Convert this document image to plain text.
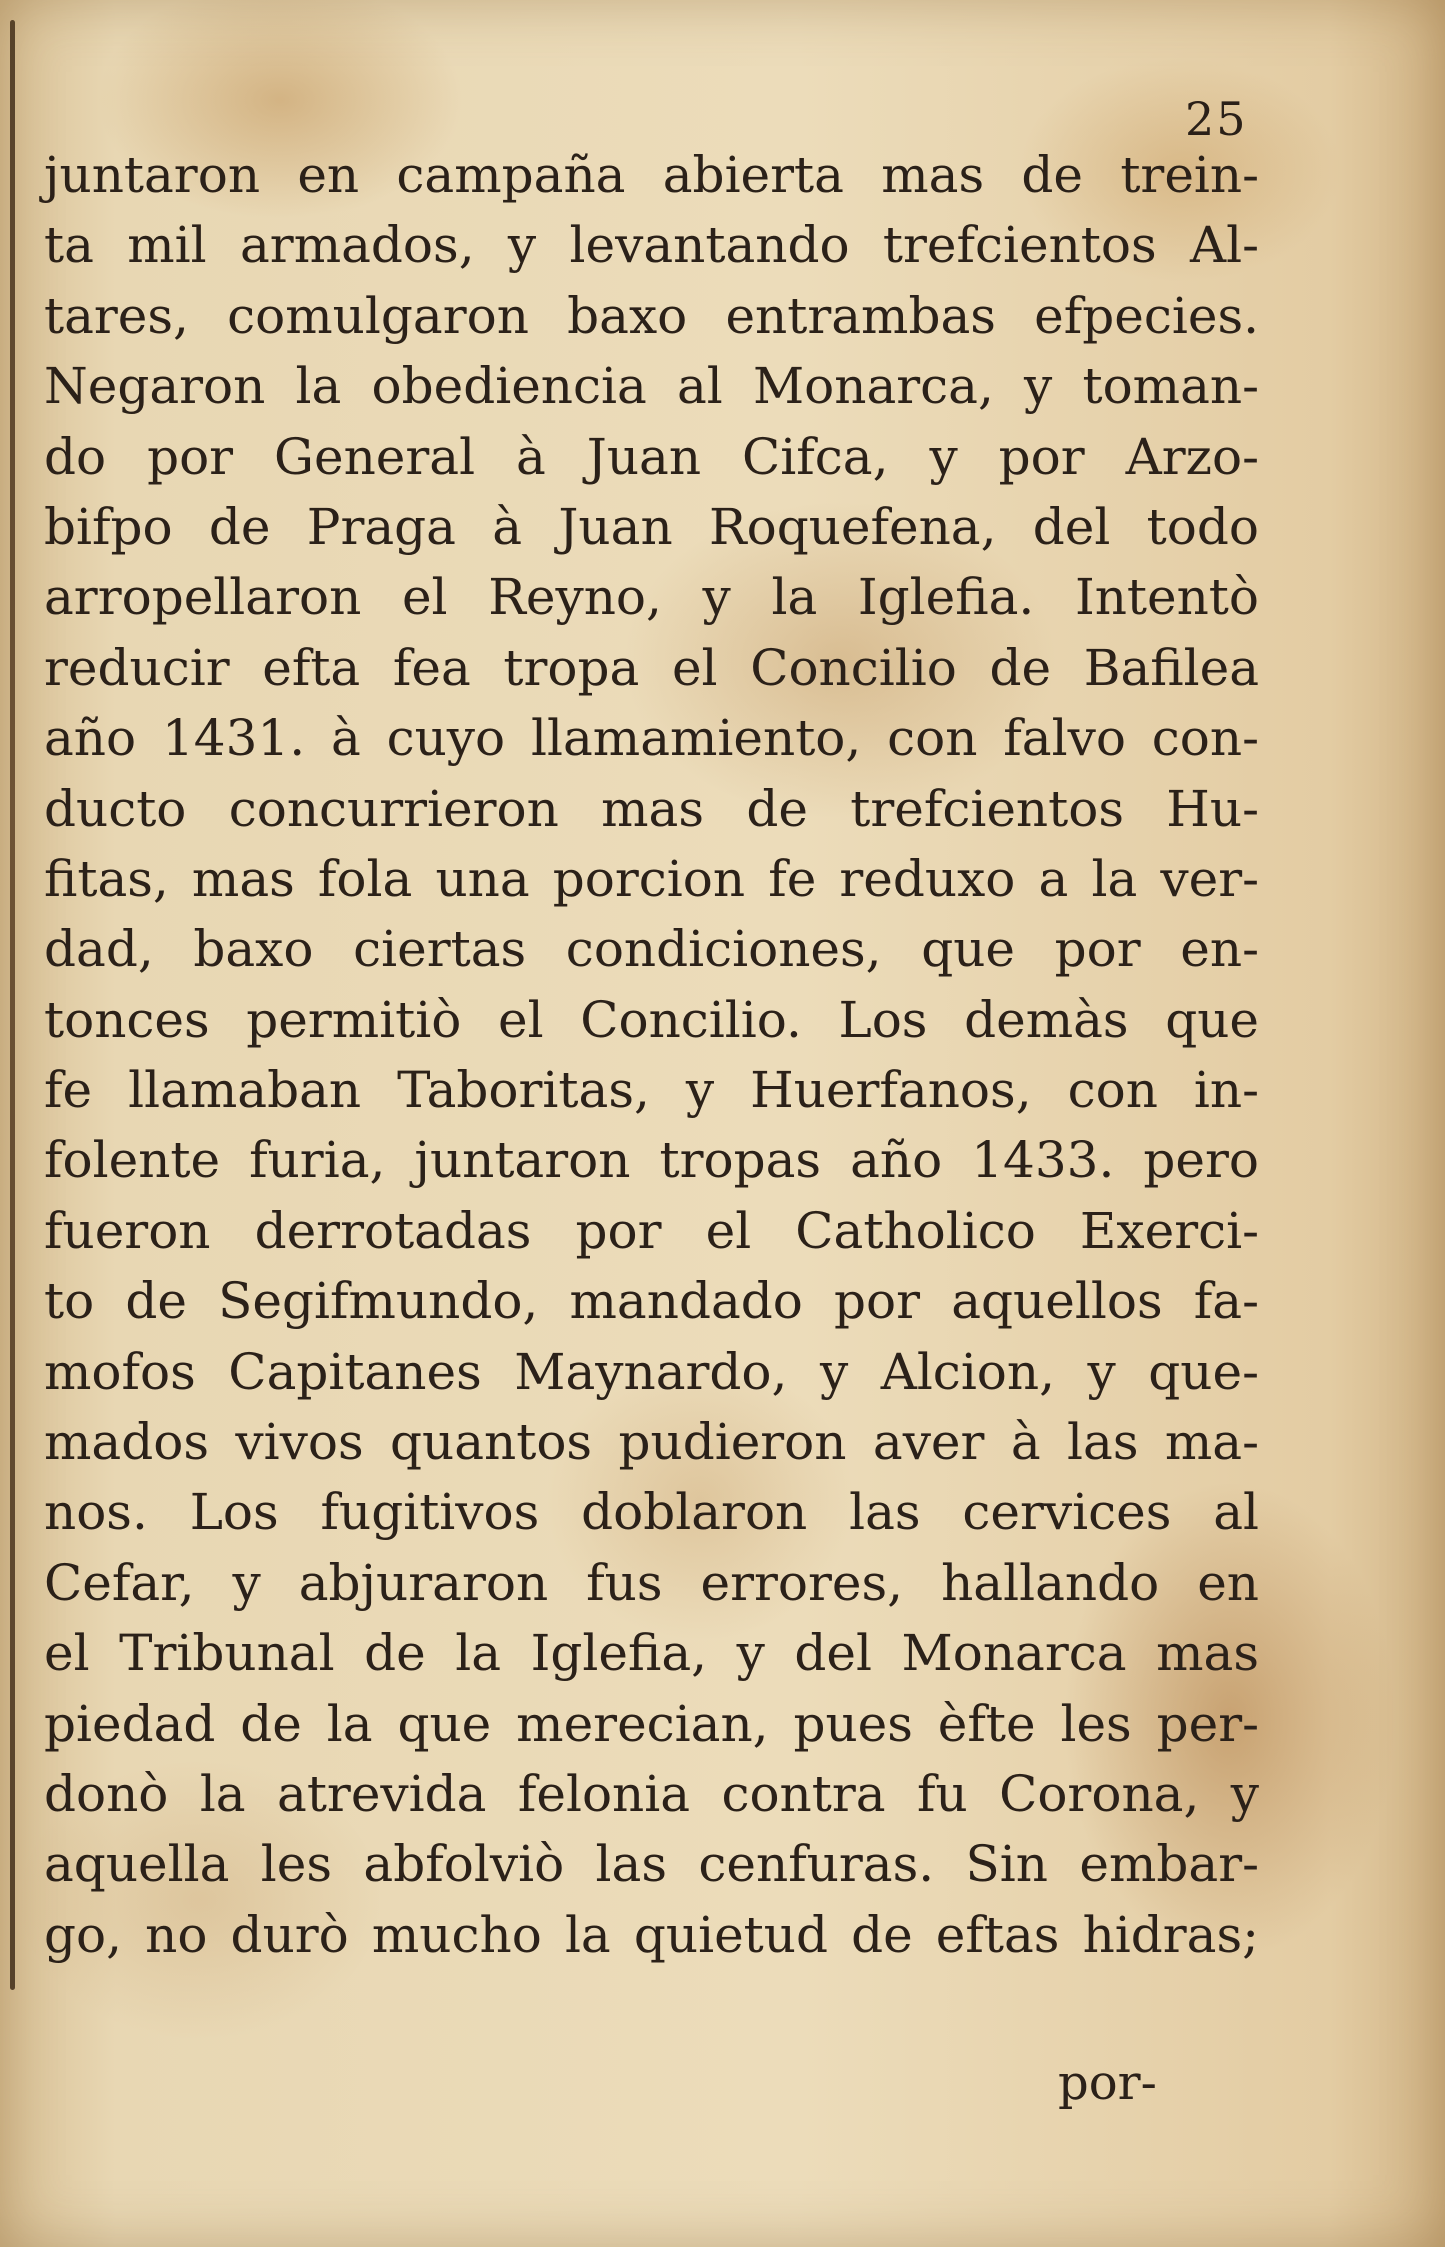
25
juntaron en campaña abierta mas de trein-
ta mil armados, y levantando trefcientos Al-
tares, comulgaron baxo entrambas efpecies.
Negaron la obediencia al Monarca, y toman-
do por General à Juan Cifca, y por Arzo-
bifpo de Praga à Juan Roquefena, del todo
arropellaron el Reyno, y la Iglefia. Intentò
reducir efta fea tropa el Concilio de Bafilea
año 1431. à cuyo llamamiento, con falvo con-
ducto concurrieron mas de trefcientos Hu-
fitas, mas fola una porcion fe reduxo a la ver-
dad, baxo ciertas condiciones, que por en-
tonces permitiò el Concilio. Los demàs que
fe llamaban Taboritas, y Huerfanos, con in-
folente furia, juntaron tropas año 1433. pero
fueron derrotadas por el Catholico Exerci-
to de Segifmundo, mandado por aquellos fa-
mofos Capitanes Maynardo, y Alcion, y que-
mados vivos quantos pudieron aver à las ma-
nos. Los fugitivos doblaron las cervices al
Cefar, y abjuraron fus errores, hallando en
el Tribunal de la Iglefia, y del Monarca mas
piedad de la que merecian, pues èfte les per-
donò la atrevida felonia contra fu Corona, y
aquella les abfolviò las cenfuras. Sin embar-
go, no durò mucho la quietud de eftas hidras;
por-
